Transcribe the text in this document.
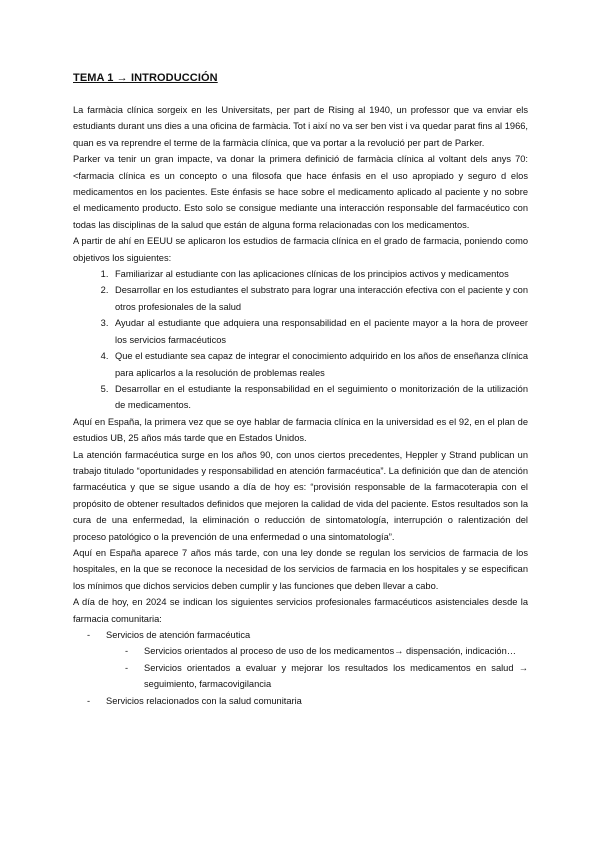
TEMA 1 → INTRODUCCIÓN

La farmàcia clínica sorgeix en les Universitats, per part de Rising al 1940, un professor que va enviar els estudiants durant uns dies a una oficina de farmàcia. Tot i així no va ser ben vist i va quedar parat fins al 1966, quan es va reprendre el terme de la farmàcia clínica, que va portar a la revolució per part de Parker.

Parker va tenir un gran impacte, va donar la primera definició de farmàcia clínica al voltant dels anys 70: <farmacia clínica es un concepto o una filosofa que hace énfasis en el uso apropiado y seguro d elos medicamentos en los pacientes. Este énfasis se hace sobre el medicamento aplicado al paciente y no sobre el medicamento producto. Esto solo se consigue mediante una interacción responsable del farmacéutico con todas las disciplinas de la salud que están de alguna forma relacionadas con los medicamentos.

A partir de ahí en EEUU se aplicaron los estudios de farmacia clínica en el grado de farmacia, poniendo como objetivos los siguientes:

1. Familiarizar al estudiante con las aplicaciones clínicas de los principios activos y medicamentos
2. Desarrollar en los estudiantes el substrato para lograr una interacción efectiva con el paciente y con otros profesionales de la salud
3. Ayudar al estudiante que adquiera una responsabilidad en el paciente mayor a la hora de proveer los servicios farmacéuticos
4. Que el estudiante sea capaz de integrar el conocimiento adquirido en los años de enseñanza clínica para aplicarlos a la resolución de problemas reales
5. Desarrollar en el estudiante la responsabilidad en el seguimiento o monitorización de la utilización de medicamentos.

Aquí en España, la primera vez que se oye hablar de farmacia clínica en la universidad es el 92, en el plan de estudios UB, 25 años más tarde que en Estados Unidos.

La atención farmacéutica surge en los años 90, con unos ciertos precedentes, Heppler y Strand publican un trabajo titulado “oportunidades y responsabilidad en atención farmacéutica”. La definición que dan de atención farmacéutica y que se sigue usando a día de hoy es: “provisión responsable de la farmacoterapia con el propósito de obtener resultados definidos que mejoren la calidad de vida del paciente. Estos resultados son la cura de una enfermedad, la eliminación o reducción de sintomatología, interrupción o ralentización del proceso patológico o la prevención de una enfermedad o una sintomatología”.

Aquí en España aparece 7 años más tarde, con una ley donde se regulan los servicios de farmacia de los hospitales, en la que se reconoce la necesidad de los servicios de farmacia en los hospitales y se especifican los mínimos que dichos servicios deben cumplir y las funciones que deben llevar a cabo.

A día de hoy, en 2024 se indican los siguientes servicios profesionales farmacéuticos asistenciales desde la farmacia comunitaria:

- Servicios de atención farmacéutica
- Servicios orientados al proceso de uso de los medicamentos→ dispensación, indicación…
- Servicios orientados a evaluar y mejorar los resultados los medicamentos en salud → seguimiento, farmacovigilancia
- Servicios relacionados con la salud comunitaria
